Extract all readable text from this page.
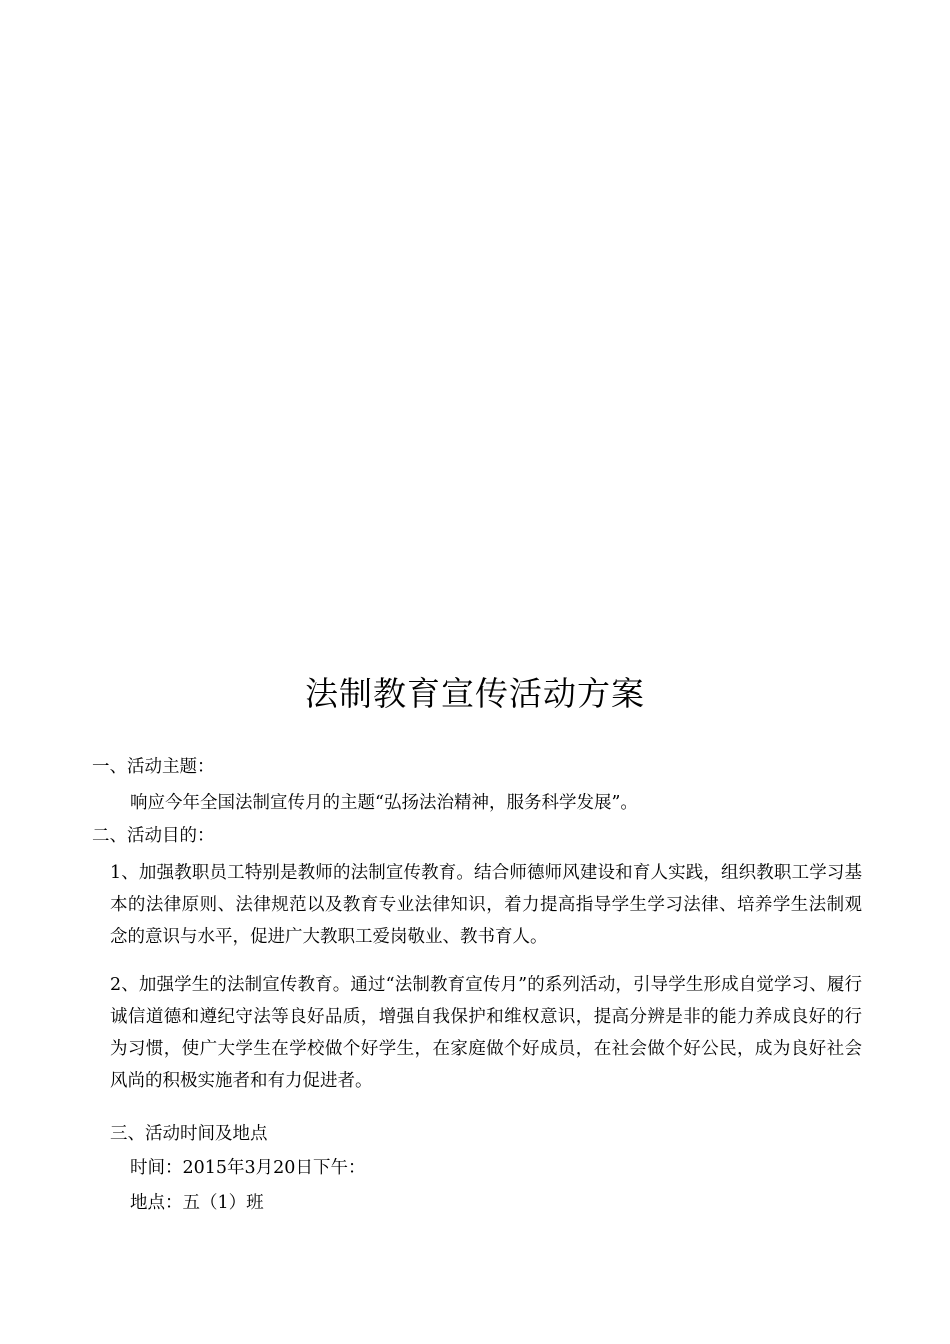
法制教育宣传活动方案
一、活动主题：
响应今年全国法制宣传月的主题“弘扬法治精神，服务科学发展”。
二、活动目的：
1、加强教职员工特别是教师的法制宣传教育。结合师德师风建设和育人实践，组织教职工学习基本的法律原则、法律规范以及教育专业法律知识，着力提高指导学生学习法律、培养学生法制观念的意识与水平，促进广大教职工爱岗敬业、教书育人。
2、加强学生的法制宣传教育。通过“法制教育宣传月”的系列活动，引导学生形成自觉学习、履行诚信道德和遵纪守法等良好品质，增强自我保护和维权意识，提高分辨是非的能力养成良好的行为习惯，使广大学生在学校做个好学生，在家庭做个好成员，在社会做个好公民，成为良好社会风尚的积极实施者和有力促进者。
三、活动时间及地点
时间：2015年3月20日下午：
地点：五（1）班
